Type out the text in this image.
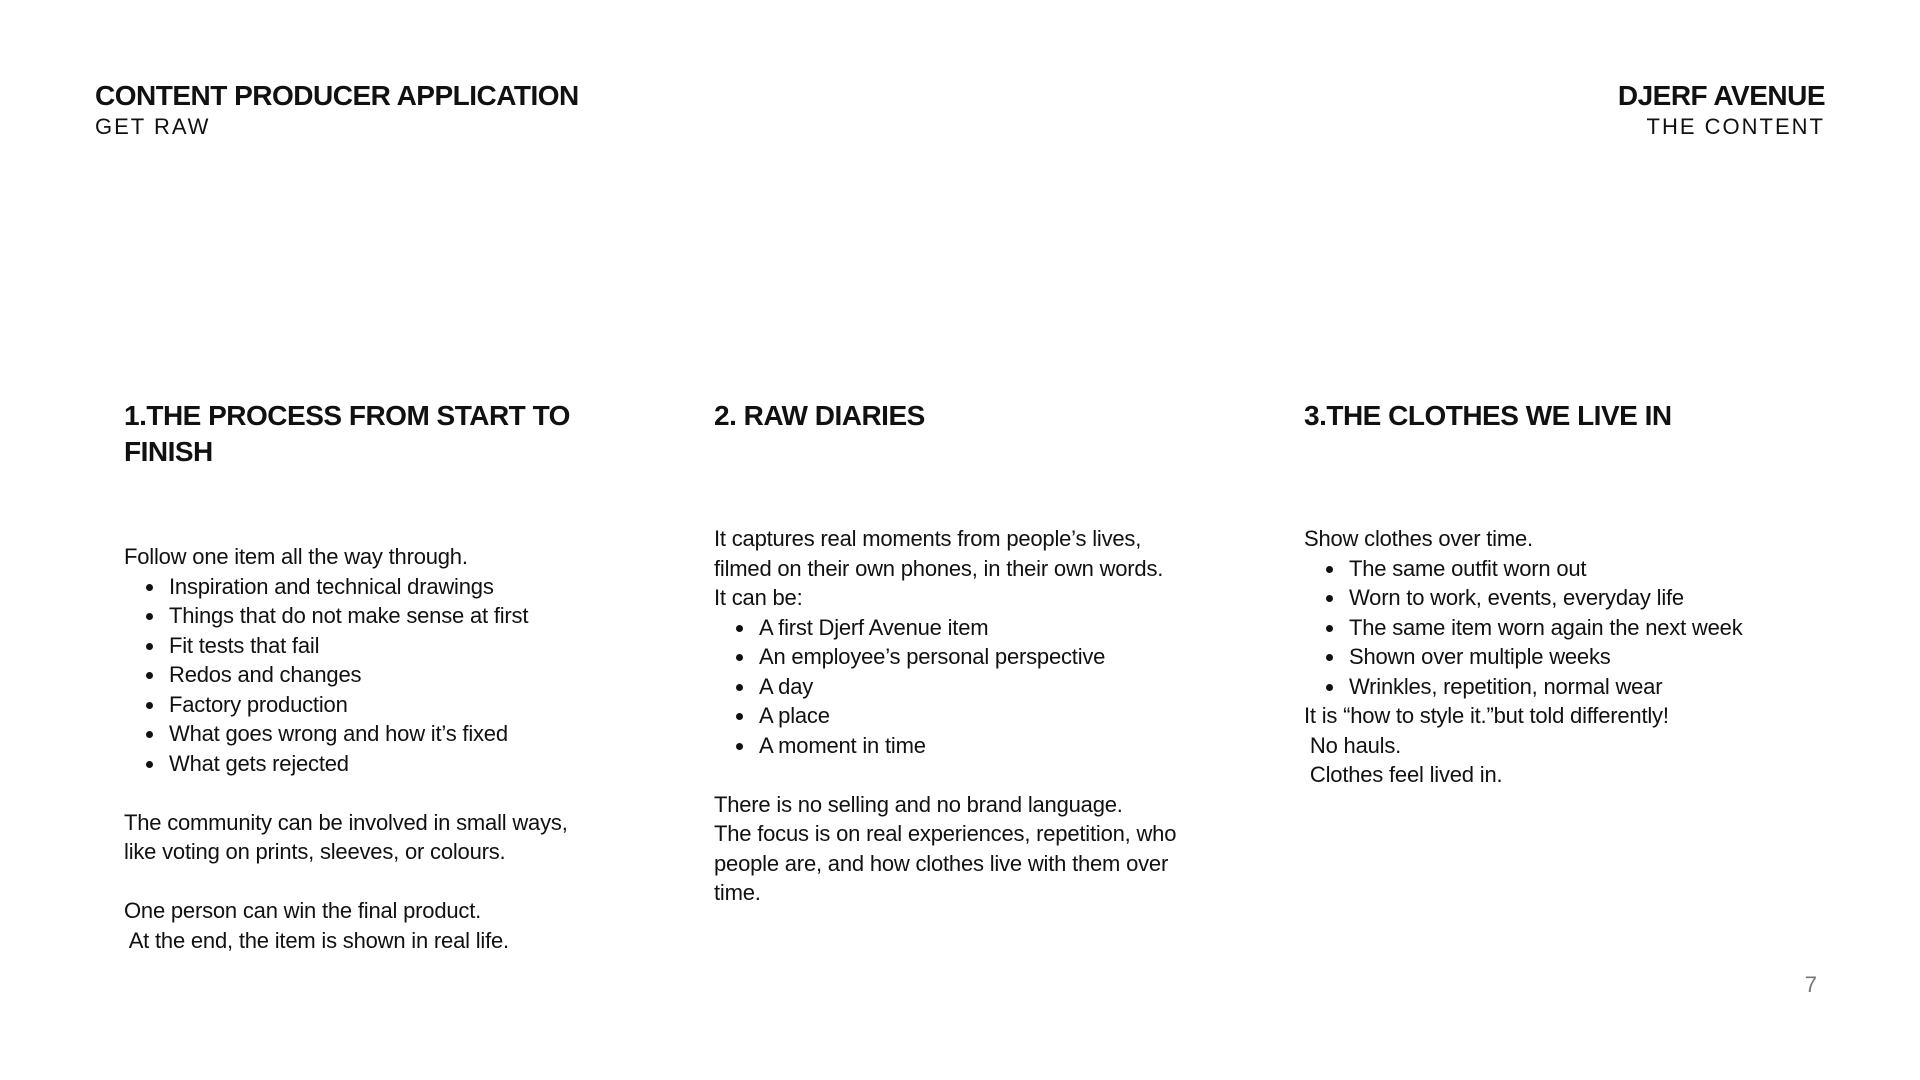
CONTENT PRODUCER APPLICATION

GET RAW

DJERF AVENUE

THE CONTENT

1.THE PROCESS FROM START TO FINISH

Follow one item all the way through.

Inspiration and technical drawings
Things that do not make sense at first
Fit tests that fail
Redos and changes
Factory production
What goes wrong and how it’s fixed
What gets rejected

The community can be involved in small ways,

like voting on prints, sleeves, or colours.

One person can win the final product.

At the end, the item is shown in real life.

2. RAW DIARIES

It captures real moments from people’s lives,

filmed on their own phones, in their own words.

It can be:

A first Djerf Avenue item
An employee’s personal perspective
A day
A place
A moment in time

There is no selling and no brand language.

The focus is on real experiences, repetition, who

people are, and how clothes live with them over

time.

3.THE CLOTHES WE LIVE IN

Show clothes over time.

The same outfit worn out
Worn to work, events, everyday life
The same item worn again the next week
Shown over multiple weeks
Wrinkles, repetition, normal wear

It is “how to style it.”but told differently!

No hauls.

Clothes feel lived in.

7
